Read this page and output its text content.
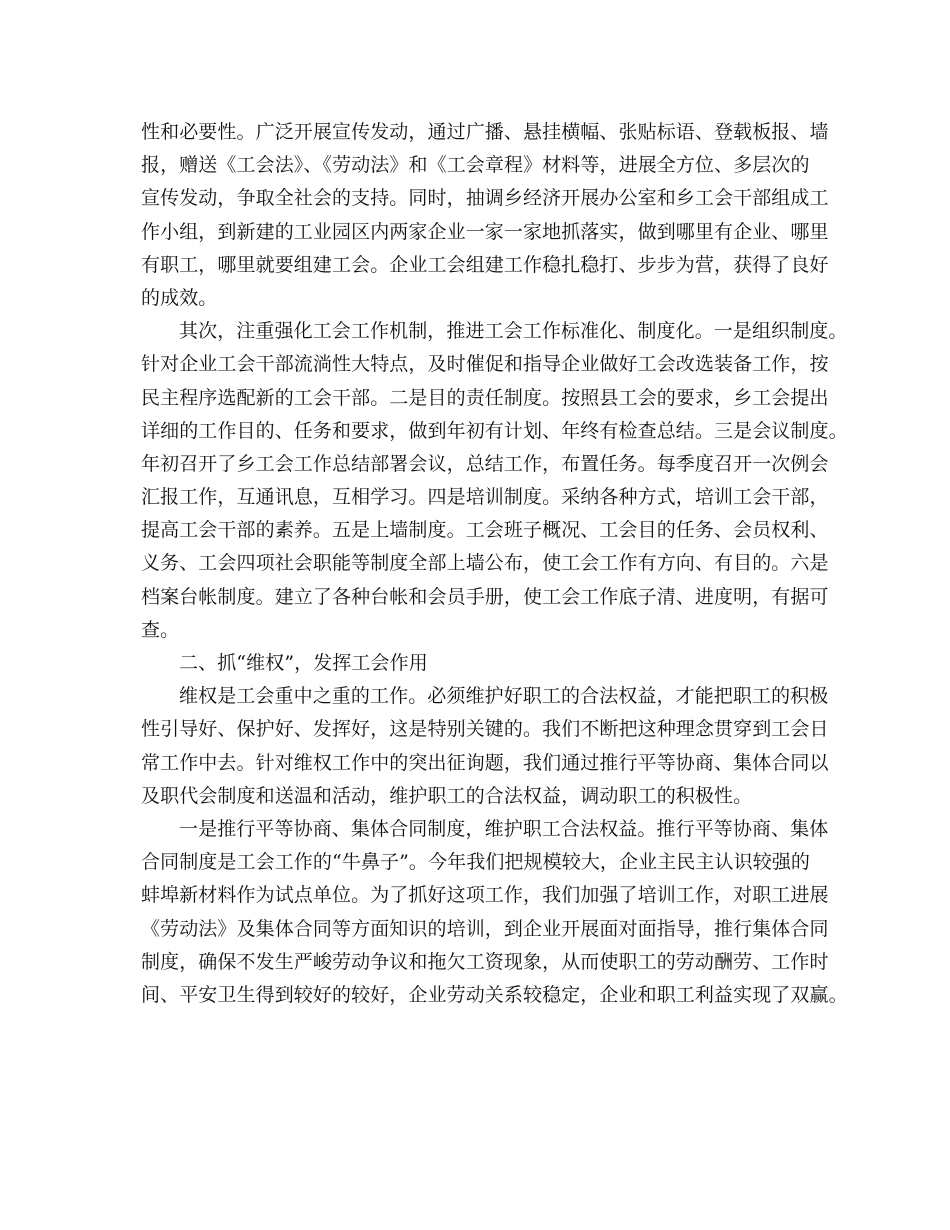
性和必要性。广泛开展宣传发动，通过广播、悬挂横幅、张贴标语、登载板报、墙
报，赠送《工会法》、《劳动法》和《工会章程》材料等，进展全方位、多层次的
宣传发动，争取全社会的支持。同时，抽调乡经济开展办公室和乡工会干部组成工
作小组，到新建的工业园区内两家企业一家一家地抓落实，做到哪里有企业、哪里
有职工，哪里就要组建工会。企业工会组建工作稳扎稳打、步步为营，获得了良好
的成效。
其次，注重强化工会工作机制，推进工会工作标准化、制度化。一是组织制度。
针对企业工会干部流淌性大特点，及时催促和指导企业做好工会改选装备工作，按
民主程序选配新的工会干部。二是目的责任制度。按照县工会的要求，乡工会提出
详细的工作目的、任务和要求，做到年初有计划、年终有检查总结。三是会议制度。
年初召开了乡工会工作总结部署会议，总结工作，布置任务。每季度召开一次例会
汇报工作，互通讯息，互相学习。四是培训制度。采纳各种方式，培训工会干部，
提高工会干部的素养。五是上墙制度。工会班子概况、工会目的任务、会员权利、
义务、工会四项社会职能等制度全部上墙公布，使工会工作有方向、有目的。六是
档案台帐制度。建立了各种台帐和会员手册，使工会工作底子清、进度明，有据可
查。
二、抓“维权”，发挥工会作用
维权是工会重中之重的工作。必须维护好职工的合法权益，才能把职工的积极
性引导好、保护好、发挥好，这是特别关键的。我们不断把这种理念贯穿到工会日
常工作中去。针对维权工作中的突出征询题，我们通过推行平等协商、集体合同以
及职代会制度和送温和活动，维护职工的合法权益，调动职工的积极性。
一是推行平等协商、集体合同制度，维护职工合法权益。推行平等协商、集体
合同制度是工会工作的“牛鼻子”。今年我们把规模较大，企业主民主认识较强的
蚌埠新材料作为试点单位。为了抓好这项工作，我们加强了培训工作，对职工进展
《劳动法》及集体合同等方面知识的培训，到企业开展面对面指导，推行集体合同
制度，确保不发生严峻劳动争议和拖欠工资现象，从而使职工的劳动酬劳、工作时
间、平安卫生得到较好的较好，企业劳动关系较稳定，企业和职工利益实现了双赢。
